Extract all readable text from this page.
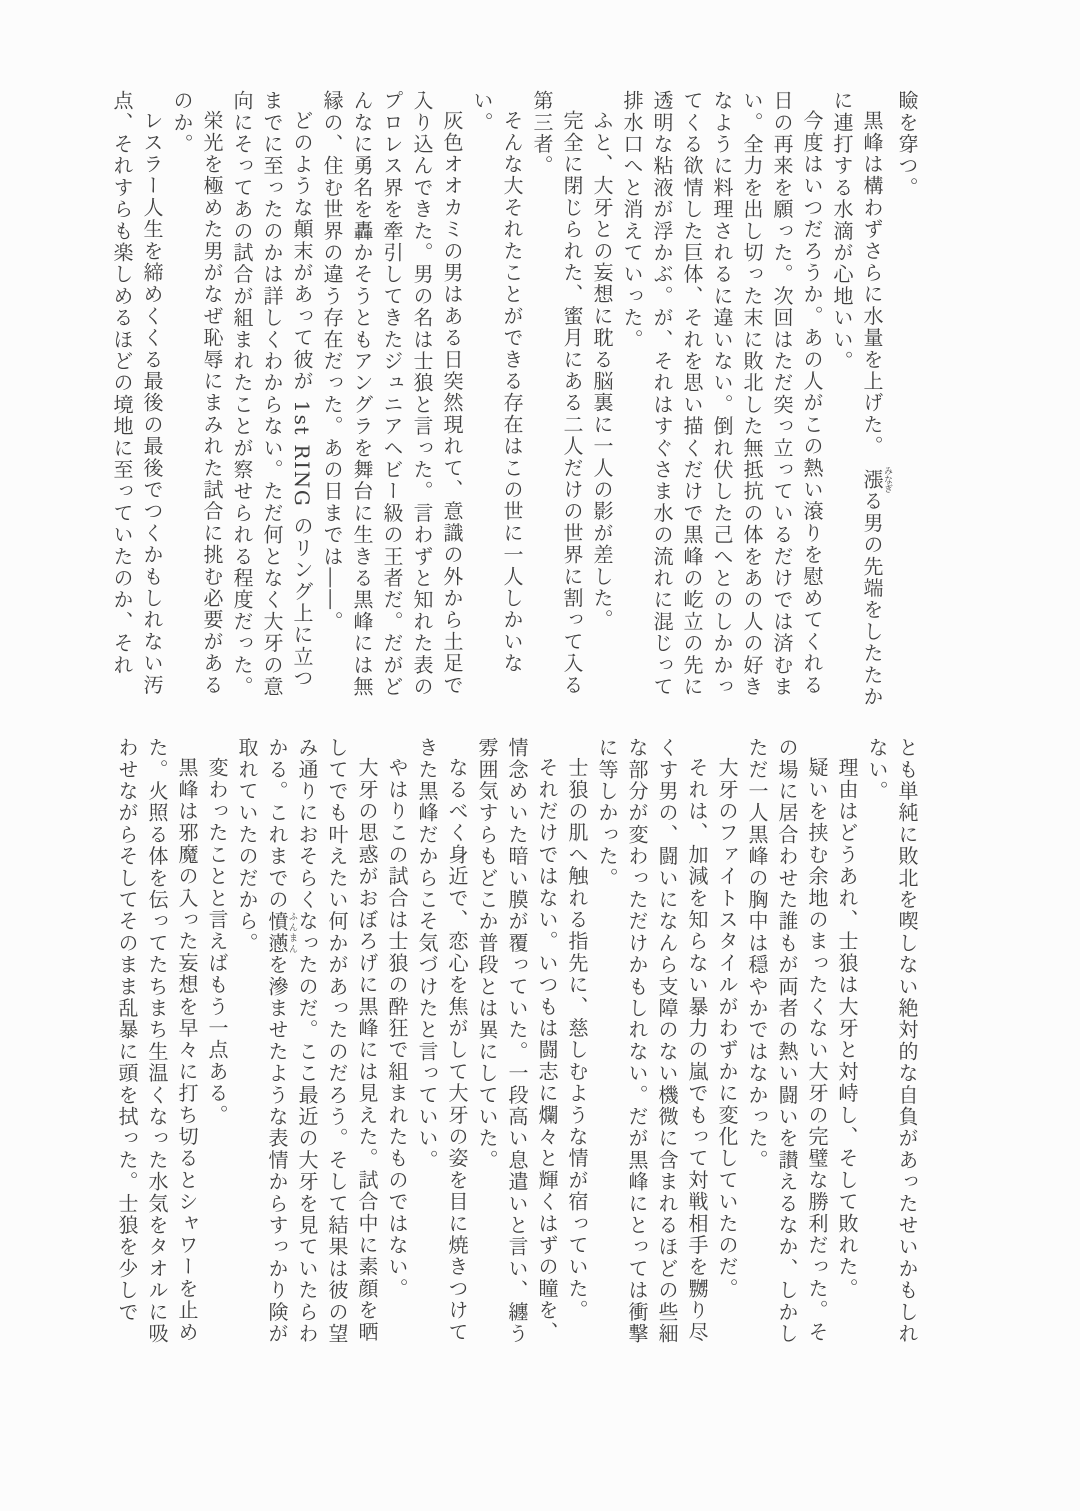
瞼を穿つ。

黒峰は構わずさらに水量を上げた。　漲みなぎる男の先端をしたたかに連打する水滴が心地いい。

今度はいつだろうか。あの人がこの熱い滾りを慰めてくれる日の再来を願った。次回はただ突っ立っているだけでは済むまい。全力を出し切った末に敗北した無抵抗の体をあの人の好きなように料理されるに違いない。倒れ伏した己へとのしかかってくる欲情した巨体、それを思い描くだけで黒峰の屹立の先に透明な粘液が浮かぶ。が、それはすぐさま水の流れに混じって排水口へと消えていった。

ふと、大牙との妄想に耽る脳裏に一人の影が差した。

完全に閉じられた、蜜月にある二人だけの世界に割って入る第三者。

そんな大それたことができる存在はこの世に一人しかいない。

灰色オオカミの男はある日突然現れて、意識の外から土足で入り込んできた。男の名は士狼と言った。言わずと知れた表のプロレス界を牽引してきたジュニアヘビー級の王者だ。だがどんなに勇名を轟かそうともアングラを舞台に生きる黒峰には無縁の、住む世界の違う存在だった。あの日までは――。

どのような顛末があって彼が 1st RING のリング上に立つまでに至ったのかは詳しくわからない。ただ何となく大牙の意向にそってあの試合が組まれたことが察せられる程度だった。

栄光を極めた男がなぜ恥辱にまみれた試合に挑む必要があるのか。

レスラー人生を締めくくる最後の最後でつくかもしれない汚点、それすらも楽しめるほどの境地に至っていたのか、それ

とも単純に敗北を喫しない絶対的な自負があったせいかもしれない。

理由はどうあれ、士狼は大牙と対峙し、そして敗れた。

疑いを挟む余地のまったくない大牙の完璧な勝利だった。その場に居合わせた誰もが両者の熱い闘いを讃えるなか、しかしただ一人黒峰の胸中は穏やかではなかった。

大牙のファイトスタイルがわずかに変化していたのだ。

それは、加減を知らない暴力の嵐でもって対戦相手を嬲り尽くす男の、闘いになんら支障のない機微に含まれるほどの些細な部分が変わっただけかもしれない。だが黒峰にとっては衝撃に等しかった。

士狼の肌へ触れる指先に、慈しむような情が宿っていた。

それだけではない。いつもは闘志に爛々と輝くはずの瞳を、情念めいた暗い膜が覆っていた。一段高い息遣いと言い、纏う雰囲気すらもどこか普段とは異にしていた。

なるべく身近で、恋心を焦がして大牙の姿を目に焼きつけてきた黒峰だからこそ気づけたと言っていい。

やはりこの試合は士狼の酔狂で組まれたものではない。

大牙の思惑がおぼろげに黒峰には見えた。試合中に素顔を晒してでも叶えたい何かがあったのだろう。そして結果は彼の望み通りにおそらくなったのだ。ここ最近の大牙を見ていたらわかる。これまでの憤懣ふんまんを滲ませたような表情からすっかり険が取れていたのだから。

変わったことと言えばもう一点ある。

黒峰は邪魔の入った妄想を早々に打ち切るとシャワーを止めた。火照る体を伝ってたちまち生温くなった水気をタオルに吸わせながらそしてそのまま乱暴に頭を拭った。士狼を少しで
